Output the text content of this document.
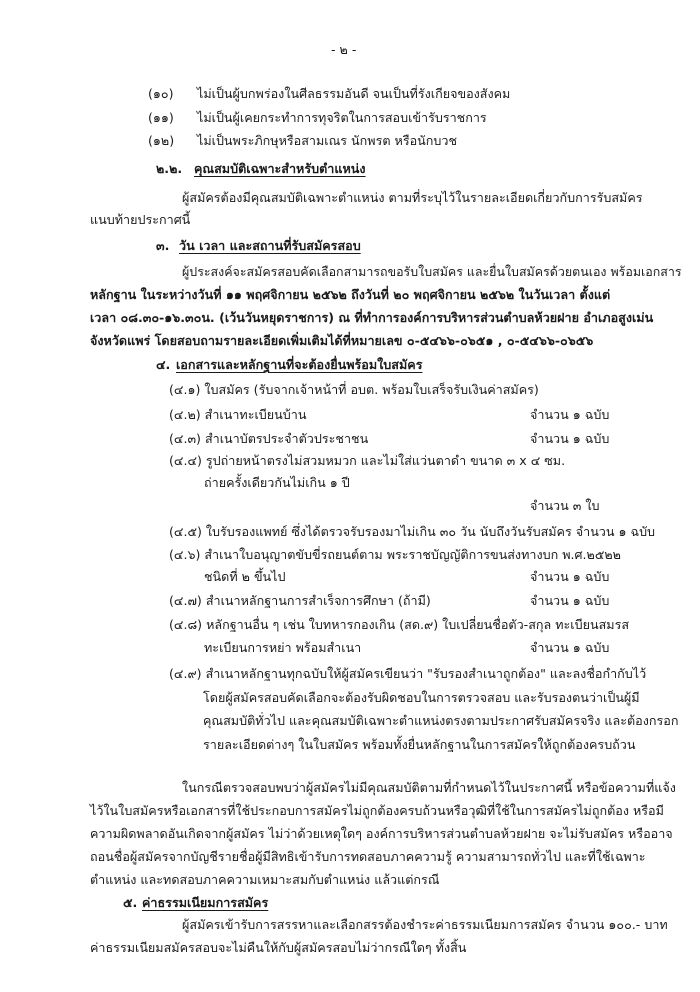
- ๒ -
(๑๐) ไม่เป็นผู้บกพร่องในศีลธรรมอันดี จนเป็นที่รังเกียจของสังคม
(๑๑) ไม่เป็นผู้เคยกระทำการทุจริตในการสอบเข้ารับราชการ
(๑๒) ไม่เป็นพระภิกษุหรือสามเณร นักพรต หรือนักบวช
๒.๒. คุณสมบัติเฉพาะสำหรับตำแหน่ง
ผู้สมัครต้องมีคุณสมบัติเฉพาะตำแหน่ง ตามที่ระบุไว้ในรายละเอียดเกี่ยวกับการรับสมัคร
แนบท้ายประกาศนี้
๓. วัน เวลา และสถานที่รับสมัครสอบ
ผู้ประสงค์จะสมัครสอบคัดเลือกสามารถขอรับใบสมัคร และยื่นใบสมัครด้วยตนเอง พร้อมเอกสาร
หลักฐาน ในระหว่างวันที่ ๑๑ พฤศจิกายน ๒๕๖๒ ถึงวันที่ ๒๐ พฤศจิกายน ๒๕๖๒ ในวันเวลา ตั้งแต่
เวลา ๐๘.๓๐-๑๖.๓๐น. (เว้นวันหยุดราชการ) ณ ที่ทำการองค์การบริหารส่วนตำบลห้วยฝาย อำเภอสูงเม่น
จังหวัดแพร่ โดยสอบถามรายละเอียดเพิ่มเติมได้ที่หมายเลข ๐-๕๔๖๖-๐๖๕๑ , ๐-๕๔๖๖-๐๖๕๖
๔. เอกสารและหลักฐานที่จะต้องยื่นพร้อมใบสมัคร
(๔.๑) ใบสมัคร (รับจากเจ้าหน้าที่ อบต. พร้อมใบเสร็จรับเงินค่าสมัคร)
(๔.๒) สำเนาทะเบียนบ้าน	จำนวน ๑ ฉบับ
(๔.๓) สำเนาบัตรประจำตัวประชาชน	จำนวน ๑ ฉบับ
(๔.๔) รูปถ่ายหน้าตรงไม่สวมหมวก และไม่ใส่แว่นตาดำ ขนาด ๓ x ๔ ซม.
ถ่ายครั้งเดียวกันไม่เกิน ๑ ปี
จำนวน ๓ ใบ
(๔.๕) ใบรับรองแพทย์ ซึ่งได้ตรวจรับรองมาไม่เกิน ๓๐ วัน นับถึงวันรับสมัคร จำนวน ๑ ฉบับ
(๔.๖) สำเนาใบอนุญาตขับขี่รถยนต์ตาม พระราชบัญญัติการขนส่งทางบก พ.ศ.๒๕๒๒
ชนิดที่ ๒ ขึ้นไป	จำนวน ๑ ฉบับ
(๔.๗) สำเนาหลักฐานการสำเร็จการศึกษา (ถ้ามี)	จำนวน ๑ ฉบับ
(๔.๘) หลักฐานอื่น ๆ เช่น ใบทหารกองเกิน (สด.๙) ใบเปลี่ยนชื่อตัว-สกุล ทะเบียนสมรส
ทะเบียนการหย่า พร้อมสำเนา	จำนวน ๑ ฉบับ
(๔.๙) สำเนาหลักฐานทุกฉบับให้ผู้สมัครเขียนว่า "รับรองสำเนาถูกต้อง" และลงชื่อกำกับไว้
โดยผู้สมัครสอบคัดเลือกจะต้องรับผิดชอบในการตรวจสอบ และรับรองตนว่าเป็นผู้มี
คุณสมบัติทั่วไป และคุณสมบัติเฉพาะตำแหน่งตรงตามประกาศรับสมัครจริง และต้องกรอก
รายละเอียดต่างๆ ในใบสมัคร พร้อมทั้งยื่นหลักฐานในการสมัครให้ถูกต้องครบถ้วน
ในกรณีตรวจสอบพบว่าผู้สมัครไม่มีคุณสมบัติตามที่กำหนดไว้ในประกาศนี้ หรือข้อความที่แจ้ง
ไว้ในใบสมัครหรือเอกสารที่ใช้ประกอบการสมัครไม่ถูกต้องครบถ้วนหรือวุฒิที่ใช้ในการสมัครไม่ถูกต้อง หรือมี
ความผิดพลาดอันเกิดจากผู้สมัคร ไม่ว่าด้วยเหตุใดๆ องค์การบริหารส่วนตำบลห้วยฝาย จะไม่รับสมัคร หรืออาจ
ถอนชื่อผู้สมัครจากบัญชีรายชื่อผู้มีสิทธิเข้ารับการทดสอบภาคความรู้ ความสามารถทั่วไป และที่ใช้เฉพาะ
ตำแหน่ง และทดสอบภาคความเหมาะสมกับตำแหน่ง แล้วแต่กรณี
๕. ค่าธรรมเนียมการสมัคร
ผู้สมัครเข้ารับการสรรหาและเลือกสรรต้องชำระค่าธรรมเนียมการสมัคร จำนวน ๑๐๐.- บาท
ค่าธรรมเนียมสมัครสอบจะไม่คืนให้กับผู้สมัครสอบไม่ว่ากรณีใดๆ ทั้งสิ้น
